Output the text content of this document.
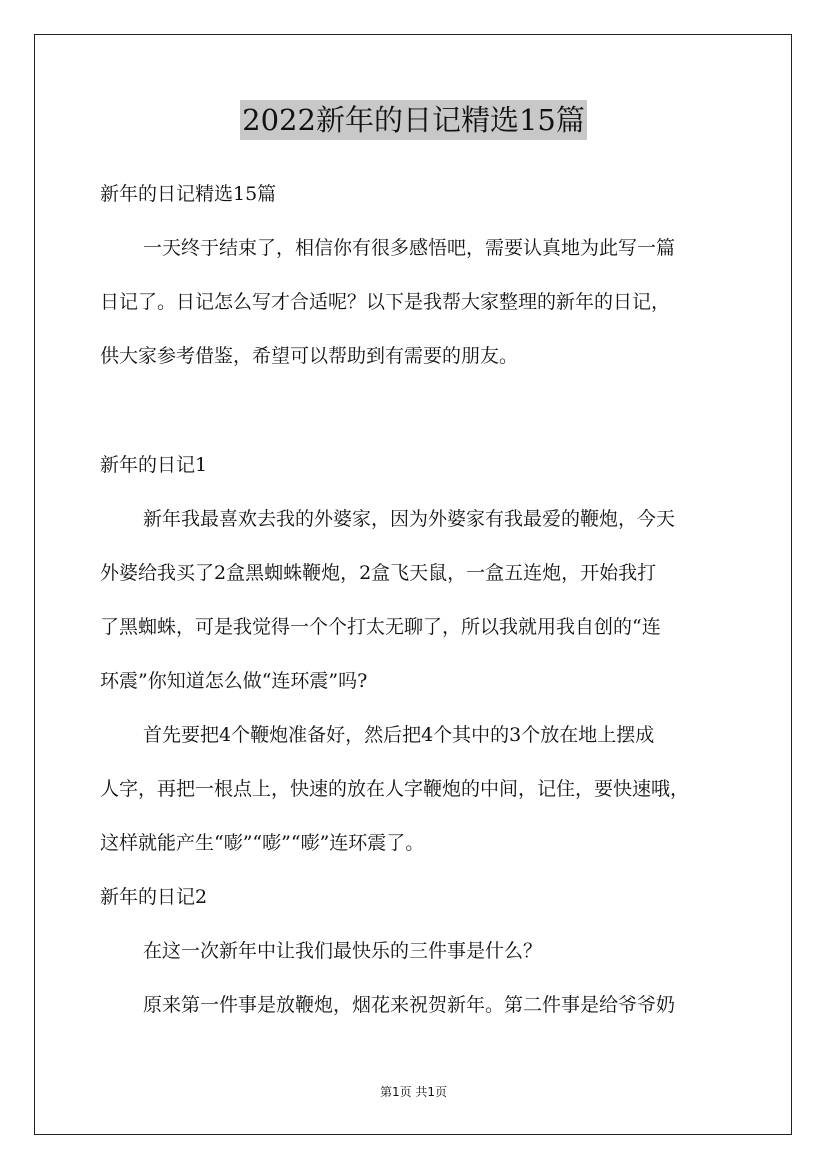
2022新年的日记精选15篇
新年的日记精选15篇
一天终于结束了，相信你有很多感悟吧，需要认真地为此写一篇
日记了。日记怎么写才合适呢？以下是我帮大家整理的新年的日记，
供大家参考借鉴，希望可以帮助到有需要的朋友。
新年的日记1
新年我最喜欢去我的外婆家，因为外婆家有我最爱的鞭炮，今天
外婆给我买了2盒黑蜘蛛鞭炮，2盒飞天鼠，一盒五连炮，开始我打
了黑蜘蛛，可是我觉得一个个打太无聊了，所以我就用我自创的“连
环震”你知道怎么做“连环震”吗?
首先要把4个鞭炮准备好，然后把4个其中的3个放在地上摆成
人字，再把一根点上，快速的放在人字鞭炮的中间，记住，要快速哦，
这样就能产生“嘭”“嘭”“嘭”连环震了。
新年的日记2
在这一次新年中让我们最快乐的三件事是什么？
原来第一件事是放鞭炮，烟花来祝贺新年。第二件事是给爷爷奶
第1页 共1页
